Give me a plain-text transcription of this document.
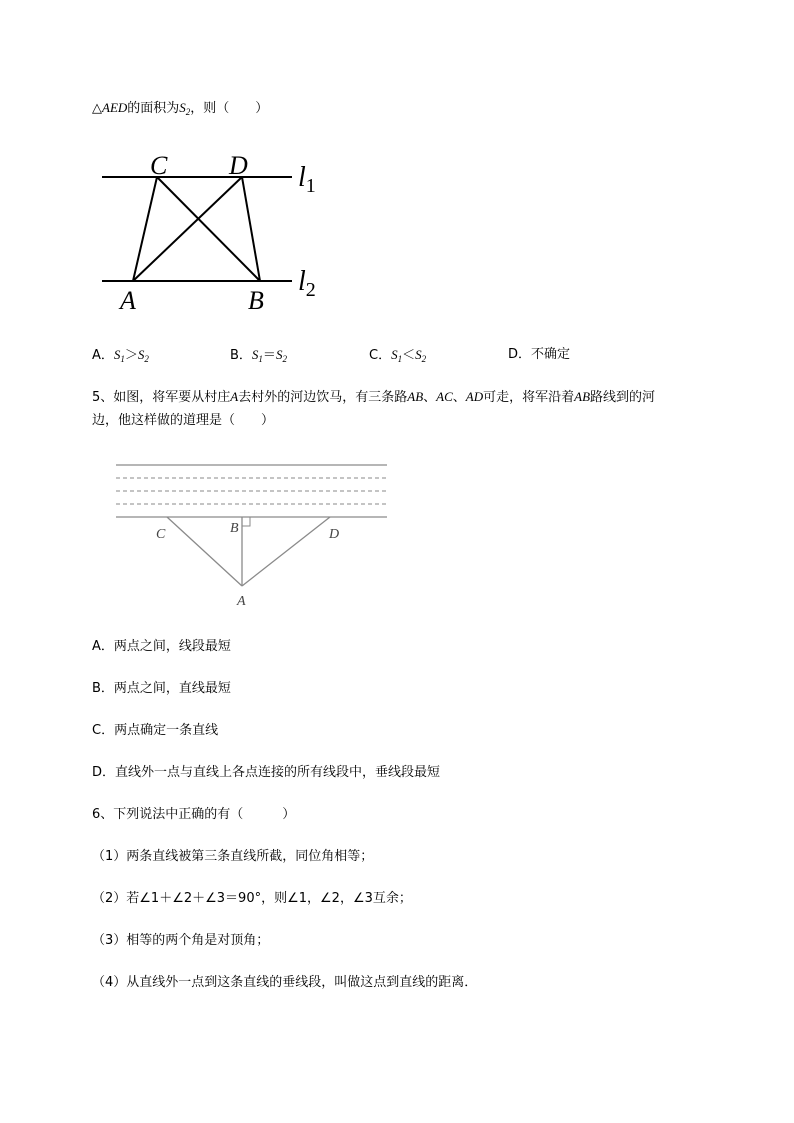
△AED的面积为$S_2$，则（　　）
C D
A	B
$l_1$
$l_2$
A．$S_1>S_2$	B．$S_1=S_2$	C．$S_1<S_2$	D．不确定
5、如图，将军要从村庄A去村外的河边饮马，有三条路AB、AC、AD可走，将军沿着AB路线到的河
边，他这样做的道理是（　　）
C	B	D
A
A．两点之间，线段最短
B．两点之间，直线最短
C．两点确定一条直线
D．直线外一点与直线上各点连接的所有线段中，垂线段最短
6、下列说法中正确的有（　　　）
（1）两条直线被第三条直线所截，同位角相等；
（2）若∠1＋∠2＋∠3＝90°，则∠1，∠2，∠3互余；
（3）相等的两个角是对顶角；
（4）从直线外一点到这条直线的垂线段，叫做这点到直线的距离．
